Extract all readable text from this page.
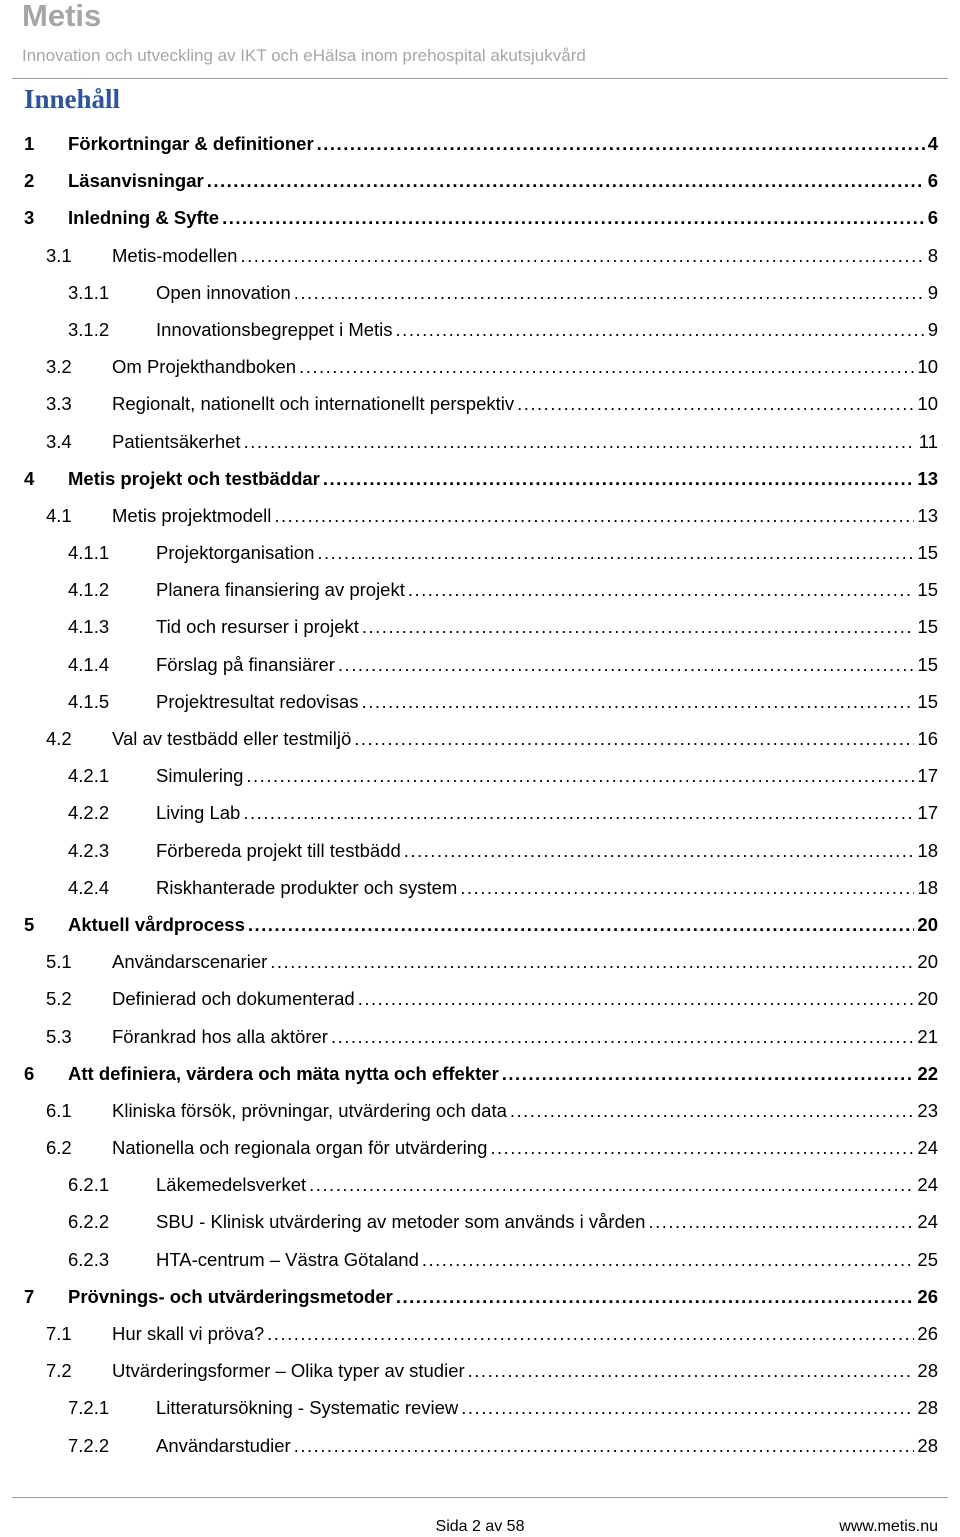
Metis
Innovation och utveckling av IKT och eHälsa inom prehospital akutsjukvård
Innehåll
1	Förkortningar & definitioner .....	4
2	Läsanvisningar .....	6
3	Inledning & Syfte .....	6
3.1	Metis-modellen .....	8
3.1.1	Open innovation .....	9
3.1.2	Innovationsbegreppet i Metis .....	9
3.2	Om Projekthandboken .....	10
3.3	Regionalt, nationellt och internationellt perspektiv .....	10
3.4	Patientsäkerhet .....	11
4	Metis projekt och testbäddar .....	13
4.1	Metis projektmodell .....	13
4.1.1	Projektorganisation .....	15
4.1.2	Planera finansiering av projekt .....	15
4.1.3	Tid och resurser i projekt .....	15
4.1.4	Förslag på finansiärer .....	15
4.1.5	Projektresultat redovisas .....	15
4.2	Val av testbädd eller testmiljö .....	16
4.2.1	Simulering .....	17
4.2.2	Living Lab .....	17
4.2.3	Förbereda projekt till testbädd .....	18
4.2.4	Riskhanterade produkter och system .....	18
5	Aktuell vårdprocess .....	20
5.1	Användarscenarier .....	20
5.2	Definierad och dokumenterad .....	20
5.3	Förankrad hos alla aktörer .....	21
6	Att definiera, värdera och mäta nytta och effekter .....	22
6.1	Kliniska försök, prövningar, utvärdering och data .....	23
6.2	Nationella och regionala organ för utvärdering .....	24
6.2.1	Läkemedelsverket .....	24
6.2.2	SBU - Klinisk utvärdering av metoder som används i vården .....	24
6.2.3	HTA-centrum – Västra Götaland .....	25
7	Prövnings- och utvärderingsmetoder .....	26
7.1	Hur skall vi pröva? .....	26
7.2	Utvärderingsformer – Olika typer av studier .....	28
7.2.1	Litteratursökning - Systematic review .....	28
7.2.2	Användarstudier .....	28
Sida 2 av 58	www.metis.nu
